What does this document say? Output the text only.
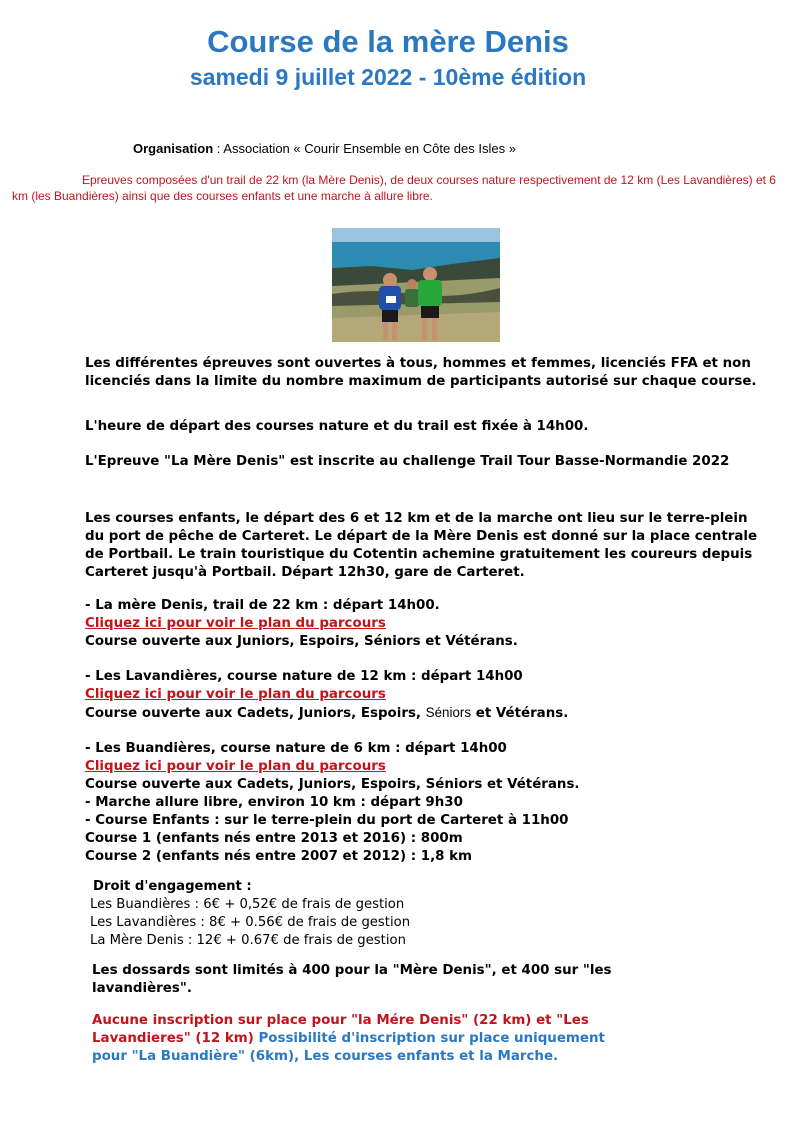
Course de la mère Denis
samedi 9 juillet 2022 - 10ème édition
Organisation : Association « Courir Ensemble en Côte des Isles »
Epreuves composées d'un trail de 22 km (la Mère Denis), de deux courses nature respectivement de 12 km (Les Lavandières) et 6 km (les Buandières) ainsi que des courses enfants et une marche à allure libre.
Les différentes épreuves sont ouvertes à tous, hommes et femmes, licenciés FFA et non
licenciés dans la limite du nombre maximum de participants autorisé sur chaque course.
L'heure de départ des courses nature et du trail est fixée à 14h00.
L'Epreuve "La Mère Denis" est inscrite au challenge Trail Tour Basse-Normandie 2022
Les courses enfants, le départ des 6 et 12 km et de la marche ont lieu sur le terre-plein
du port de pêche de Carteret. Le départ de la Mère Denis est donné sur la place centrale
de Portbail. Le train touristique du Cotentin achemine gratuitement les coureurs depuis
Carteret jusqu'à Portbail. Départ 12h30, gare de Carteret.
- La mère Denis, trail de 22 km : départ 14h00.
Cliquez ici pour voir le plan du parcours
Course ouverte aux Juniors, Espoirs, Séniors et Vétérans.
- Les Lavandières, course nature de 12 km : départ 14h00
Cliquez ici pour voir le plan du parcours
Course ouverte aux Cadets, Juniors, Espoirs, Séniors et Vétérans.
- Les Buandières, course nature de 6 km : départ 14h00
Cliquez ici pour voir le plan du parcours
Course ouverte aux Cadets, Juniors, Espoirs, Séniors et Vétérans.
- Marche allure libre, environ 10 km : départ 9h30
- Course Enfants : sur le terre-plein du port de Carteret à 11h00
Course 1 (enfants nés entre 2013 et 2016) : 800m
Course 2 (enfants nés entre 2007 et 2012) : 1,8 km
Droit d'engagement :
Les Buandières : 6€ + 0,52€ de frais de gestion
Les Lavandières : 8€ + 0.56€ de frais de gestion
La Mère Denis : 12€ + 0.67€ de frais de gestion
Les dossards sont limités à 400 pour la "Mère Denis", et 400 sur "les
lavandières".
Aucune inscription sur place pour "la Mére Denis" (22 km) et "Les
Lavandieres" (12 km) Possibilité d'inscription sur place uniquement
pour "La Buandière" (6km), Les courses enfants et la Marche.
